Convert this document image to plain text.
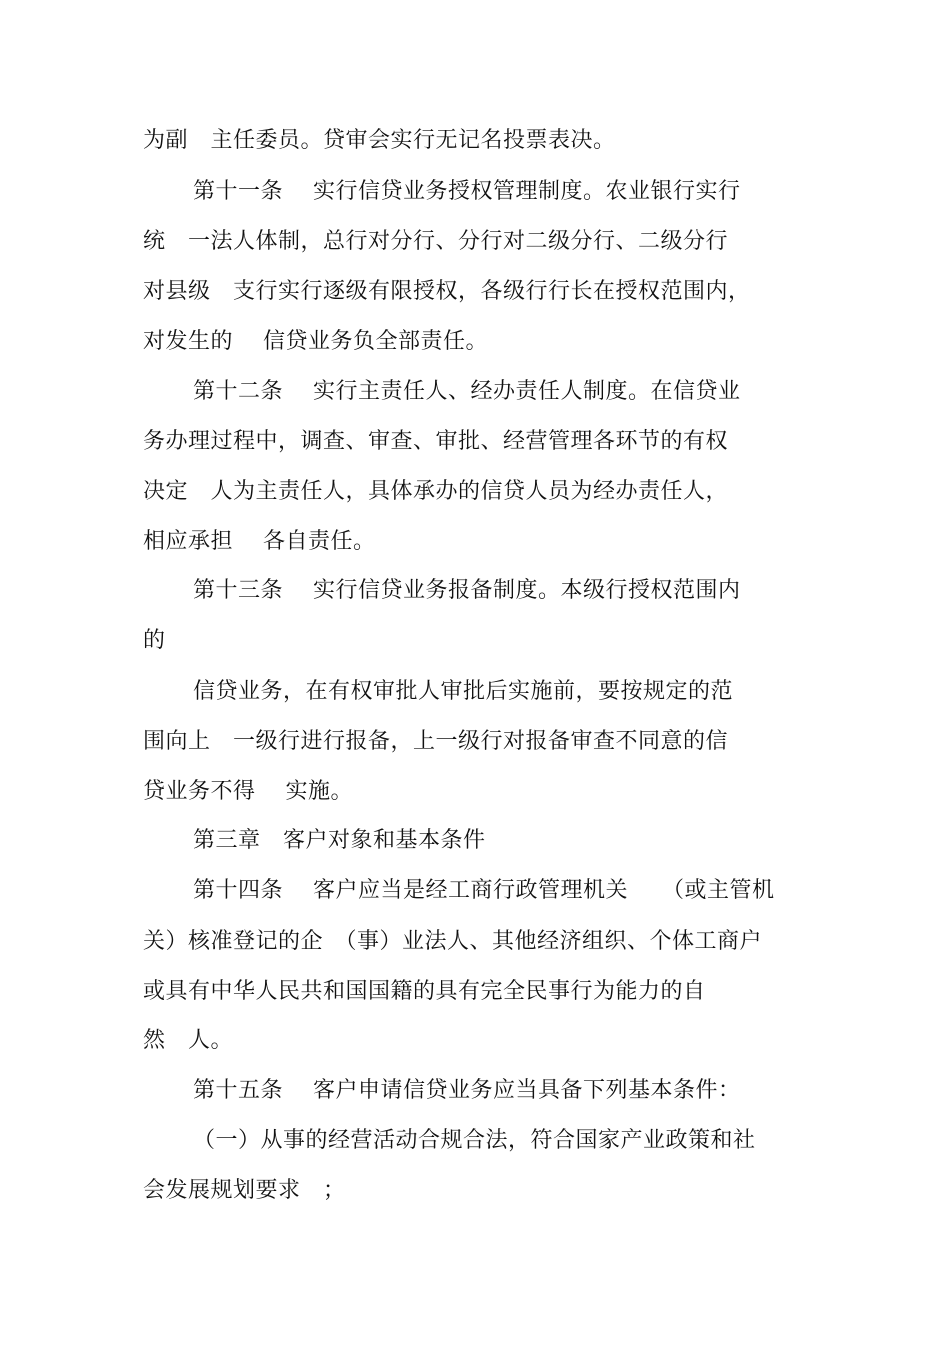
为副　主任委员。贷审会实行无记名投票表决。
第十一条　 实行信贷业务授权管理制度。农业银行实行
统　一法人体制，总行对分行、分行对二级分行、二级分行
对县级　支行实行逐级有限授权，各级行行长在授权范围内，
对发生的　 信贷业务负全部责任。
第十二条　 实行主责任人、经办责任人制度。在信贷业
务办理过程中，调查、审查、审批、经营管理各环节的有权
决定　人为主责任人，具体承办的信贷人员为经办责任人，
相应承担　 各自责任。
第十三条　 实行信贷业务报备制度。本级行授权范围内
的
信贷业务，在有权审批人审批后实施前，要按规定的范
围向上　一级行进行报备，上一级行对报备审查不同意的信
贷业务不得　 实施。
第三章　客户对象和基本条件
第十四条　 客户应当是经工商行政管理机关　　（或主管机
关）核准登记的企　（事）业法人、其他经济组织、个体工商户
或具有中华人民共和国国籍的具有完全民事行为能力的自
然　人。
第十五条　 客户申请信贷业务应当具备下列基本条件：
（一）从事的经营活动合规合法，符合国家产业政策和社
会发展规划要求　；
